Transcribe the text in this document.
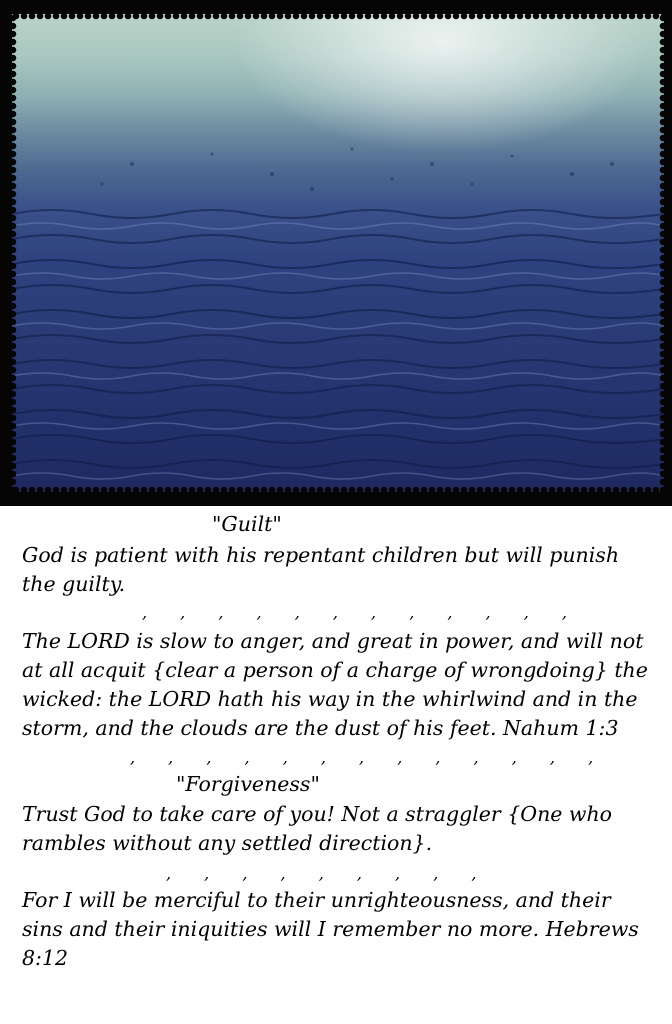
"Guilt"
God is patient with his repentant children but will punish the guilty.
, , , , , , , , , , , ,
The LORD is slow to anger, and great in power, and will not at all acquit {clear a person of a charge of wrongdoing} the wicked: the LORD hath his way in the whirlwind and in the storm, and the clouds are the dust of his feet. Nahum 1:3
, , , , , , , , , , , , ,
"Forgiveness"
Trust God to take care of you! Not a straggler {One who rambles without any settled direction}.
, , , , , , , , ,
For I will be merciful to their unrighteousness, and their sins and their iniquities will I remember no more. Hebrews 8:12
